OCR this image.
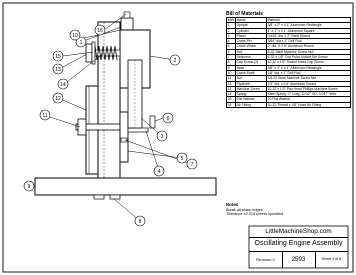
1
2
3
4
5
6
7
8
9
10
11
12
13
14
15
16
Bill of Materials
Item	Name	Material
1	Upright	3/8" x 2" x 4.1" Aluminum Rectangle
2	Cylinder	1" x 1" x 2.1" Aluminum Square
3	Piston	0.625" dia. x 2" Steel Round
4	Crank Pin	3/64" dia x 1" Drill Rod
5	Crank Wheel	2" dia. X 0.6" Aluminum Round
6	Nut	6-32 Steel Machine Screw Nut
7	Setscrew	6-32 x 1/8" Cup Point Socket Set Screw
8	Cap Screw (2)	10-32 x 1/2" Socket Head Cap Screw
9	Base	3/8" x 4" x 4.1" Aluminum Rectangle
10	Crank Shaft	1/8" dia. x 1" Drill Rod
11	Nut	1/4-20 Steel Machine Screw Nut
12	Flywheel	2.5" dia. x 0.6" Aluminum Round
13	Machine Screw	10-32 x 1.5" Pan Head Phillips Machine Screw
14	Spring	Steel Spring: 1" Long, 11/32" OD, 0.047" Wire
15	Flat Washer	10 Flat Washer
16	Air Fitting	10-32 Thread x 1/8" Hose Air Fitting
Notes
Break all sharp edges
Tolerance ±0.010 unless specified
LittleMachineShop.com
Oscillating Engine Assembly
Revision 0	2593	Sheet 1 of 8
